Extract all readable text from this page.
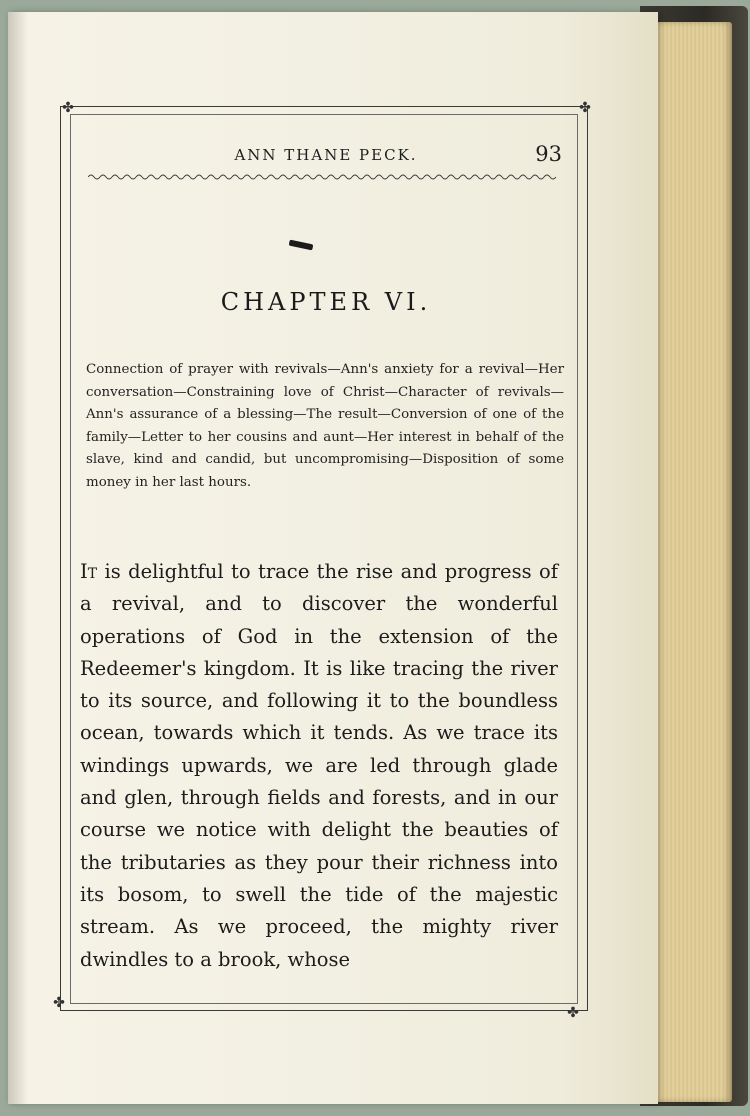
✤	✤
✤
✤
ANN THANE PECK.	93
CHAPTER VI.
Connection of prayer with revivals—Ann's anxiety for a revival—Her conversation—Constraining love of Christ—Character of revivals—Ann's assurance of a blessing—The result—Conversion of one of the family—Letter to her cousins and aunt—Her interest in behalf of the slave, kind and candid, but uncompromising—Disposition of some money in her last hours.
It is delightful to trace the rise and progress of a revival, and to discover the wonderful operations of God in the extension of the Redeemer's kingdom. It is like tracing the river to its source, and following it to the boundless ocean, towards which it tends. As we trace its windings upwards, we are led through glade and glen, through fields and forests, and in our course we notice with delight the beauties of the tributaries as they pour their richness into its bosom, to swell the tide of the majestic stream. As we proceed, the mighty river dwindles to a brook, whose
